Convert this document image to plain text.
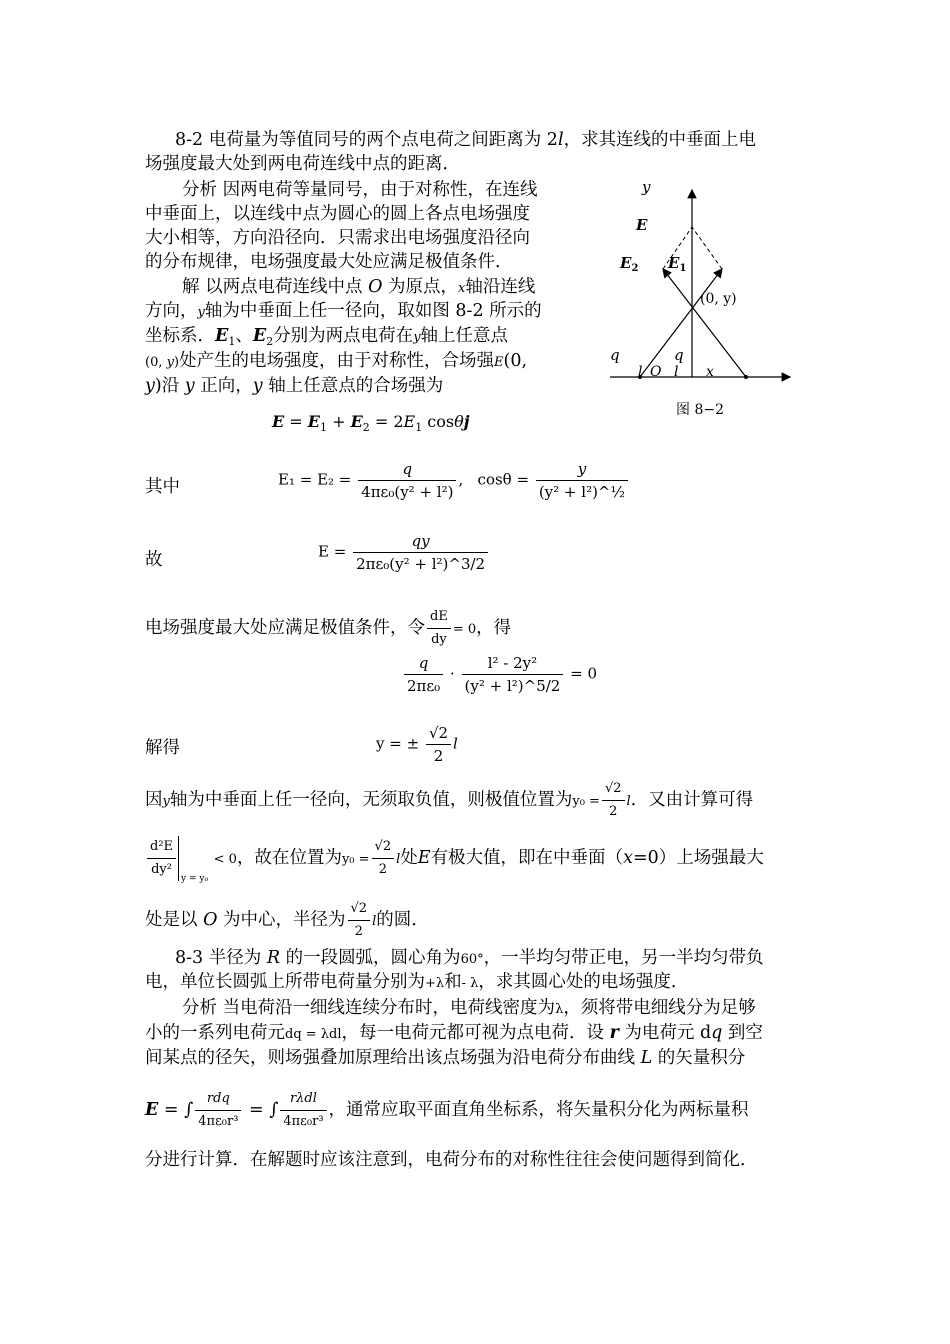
8-2 电荷量为等值同号的两个点电荷之间距离为 2l，求其连线的中垂面上电
场强度最大处到两电荷连线中点的距离．
分析 因两电荷等量同号，由于对称性，在连线
中垂面上，以连线中点为圆心的圆上各点电场强度
大小相等，方向沿径向．只需求出电场强度沿径向
的分布规律，电场强度最大处应满足极值条件．
解 以两点电荷连线中点 O 为原点，x轴沿连线
方向，y轴为中垂面上任一径向，取如图 8-2 所示的
坐标系．$E_1$、$E_2$分别为两点电荷在y轴上任意点
(0, y)处产生的电场强度，由于对称性，合场强E(0,
y)沿 y 正向，y 轴上任意点的合场强为
y
E
$E_2$ $E_1$
(0, y)
q	q
l O l x
图 8−2
$E = E_1 + E_2 = 2E_1$ cosθj
其中	$E_1 = E_2 = \frac{q}{\text{4πε₀(y² + l²)}}$ , $\cos\theta = \frac{y}{\text{(y² + l²)\textasciicircum{}½}}$
故	$E = \frac{qy}{\text{2πε₀(y² + l²)\textasciicircum{}3/2}}$
电场强度最大处应满足极值条件，令 $\frac{dE}{dy} = 0$，得
$\frac{q}{\text{2πε₀}} \cdot \frac{\text{l² - 2y²}}{\text{(y² + l²)\textasciicircum{}5/2}} = 0$
解得	y = ± $\frac{√2}{2}$ l
因y轴为中垂面上任一径向，无须取负值，则极值位置为$y_0 = \frac{√2}{2}$ l．又由计算可得
$\frac{\text{d²E}}{\text{dy²}} _{y = y_0} < 0$，故在位置为$y_0 = \frac{√2}{2}$ l处E有极大值，即在中垂面（x=0）上场强最大
处是以 O 为中心，半径为 $\frac{√2}{2}$ l的圆．
8-3 半径为 R 的一段圆弧，圆心角为60°，一半均匀带正电，另一半均匀带负
电，单位长圆弧上所带电荷量分别为+λ和- λ，求其圆心处的电场强度．
分析 当电荷沿一细线连续分布时，电荷线密度为λ，须将带电细线分为足够
小的一系列电荷元dq = λdl，每一电荷元都可视为点电荷．设 r 为电荷元 dq 到空
间某点的径矢，则场强叠加原理给出该点场强为沿电荷分布曲线 L 的矢量积分
E = ∫ $\frac{\text{rdq}}{\text{4πε₀r³}}$ = ∫ $\frac{\text{rλdl}}{\text{4πε₀r³}}$ ，通常应取平面直角坐标系，将矢量积分化为两标量积
分进行计算．在解题时应该注意到，电荷分布的对称性往往会使问题得到简化．
